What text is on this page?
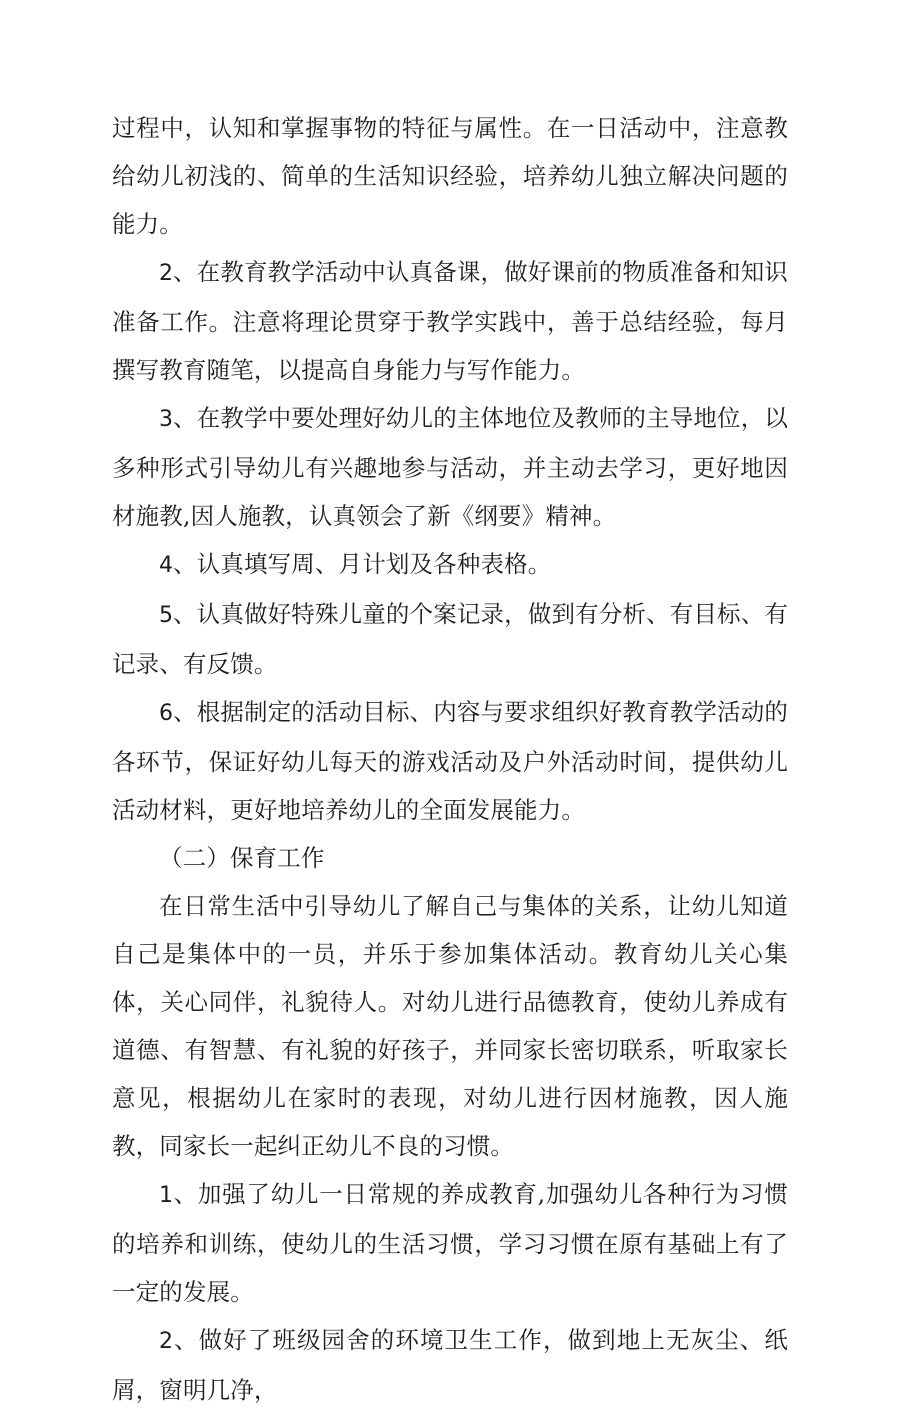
过程中，认知和掌握事物的特征与属性。在一日活动中，注意教给幼儿初浅的、简单的生活知识经验，培养幼儿独立解决问题的能力。

2、在教育教学活动中认真备课，做好课前的物质准备和知识准备工作。注意将理论贯穿于教学实践中，善于总结经验，每月撰写教育随笔，以提高自身能力与写作能力。

3、在教学中要处理好幼儿的主体地位及教师的主导地位，以多种形式引导幼儿有兴趣地参与活动，并主动去学习，更好地因材施教,因人施教，认真领会了新《纲要》精神。

4、认真填写周、月计划及各种表格。

5、认真做好特殊儿童的个案记录，做到有分析、有目标、有记录、有反馈。

6、根据制定的活动目标、内容与要求组织好教育教学活动的各环节，保证好幼儿每天的游戏活动及户外活动时间，提供幼儿活动材料，更好地培养幼儿的全面发展能力。

（二）保育工作

在日常生活中引导幼儿了解自己与集体的关系，让幼儿知道自己是集体中的一员，并乐于参加集体活动。教育幼儿关心集体，关心同伴，礼貌待人。对幼儿进行品德教育，使幼儿养成有道德、有智慧、有礼貌的好孩子，并同家长密切联系，听取家长意见，根据幼儿在家时的表现，对幼儿进行因材施教，因人施教，同家长一起纠正幼儿不良的习惯。

1、加强了幼儿一日常规的养成教育,加强幼儿各种行为习惯的培养和训练，使幼儿的生活习惯，学习习惯在原有基础上有了一定的发展。

2、做好了班级园舍的环境卫生工作，做到地上无灰尘、纸屑，窗明几净，
